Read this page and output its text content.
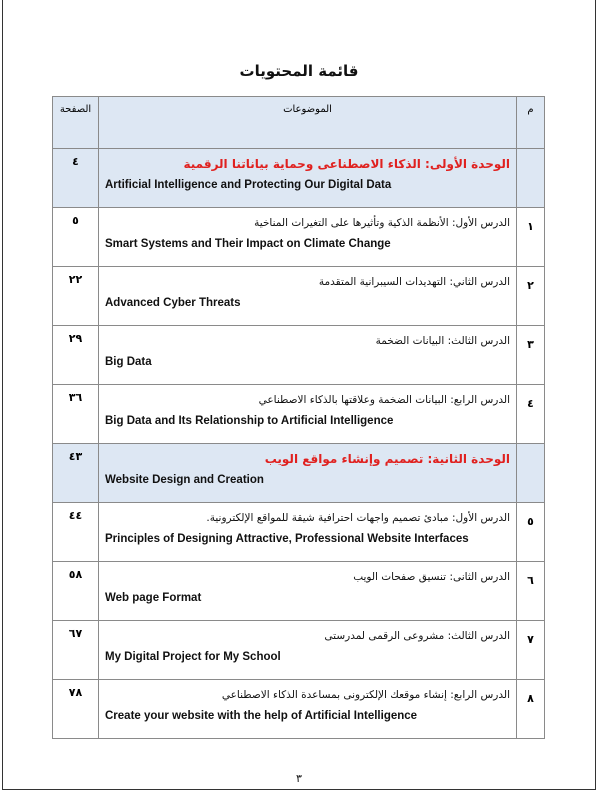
قائمة المحتويات
م	الموضوعات	الصفحة

	الوحدة الأولى: الذكاء الاصطناعى وحماية بياناتنا الرقمية
Artificial Intelligence and Protecting Our Digital Data	٤
١	الدرس الأول: الأنظمة الذكية وتأثيرها على التغيرات المناخية
Smart Systems and Their Impact on Climate Change	٥
٢	الدرس الثاني: التهديدات السيبرانية المتقدمة
Advanced Cyber Threats	٢٢
٣	الدرس الثالث: البيانات الضخمة
Big Data	٢٩
٤	الدرس الرابع: البيانات الضخمة وعلاقتها بالذكاء الاصطناعي
Big Data and Its Relationship to Artificial Intelligence	٣٦

	الوحدة الثانية: تصميم وإنشاء مواقع الويب
Website Design and Creation	٤٣
٥	الدرس الأول: مبادئ تصميم واجهات احترافية شيقة للمواقع الإلكترونية.
Principles of Designing Attractive, Professional Website Interfaces	٤٤
٦	الدرس الثانى: تنسيق صفحات الويب
Web page Format	٥٨
٧	الدرس الثالث: مشروعى الرقمى لمدرستى
My Digital Project for My School	٦٧
٨	الدرس الرابع: إنشاء موقعك الإلكترونى بمساعدة الذكاء الاصطناعي
Create your website with the help of Artificial Intelligence	٧٨
٣
